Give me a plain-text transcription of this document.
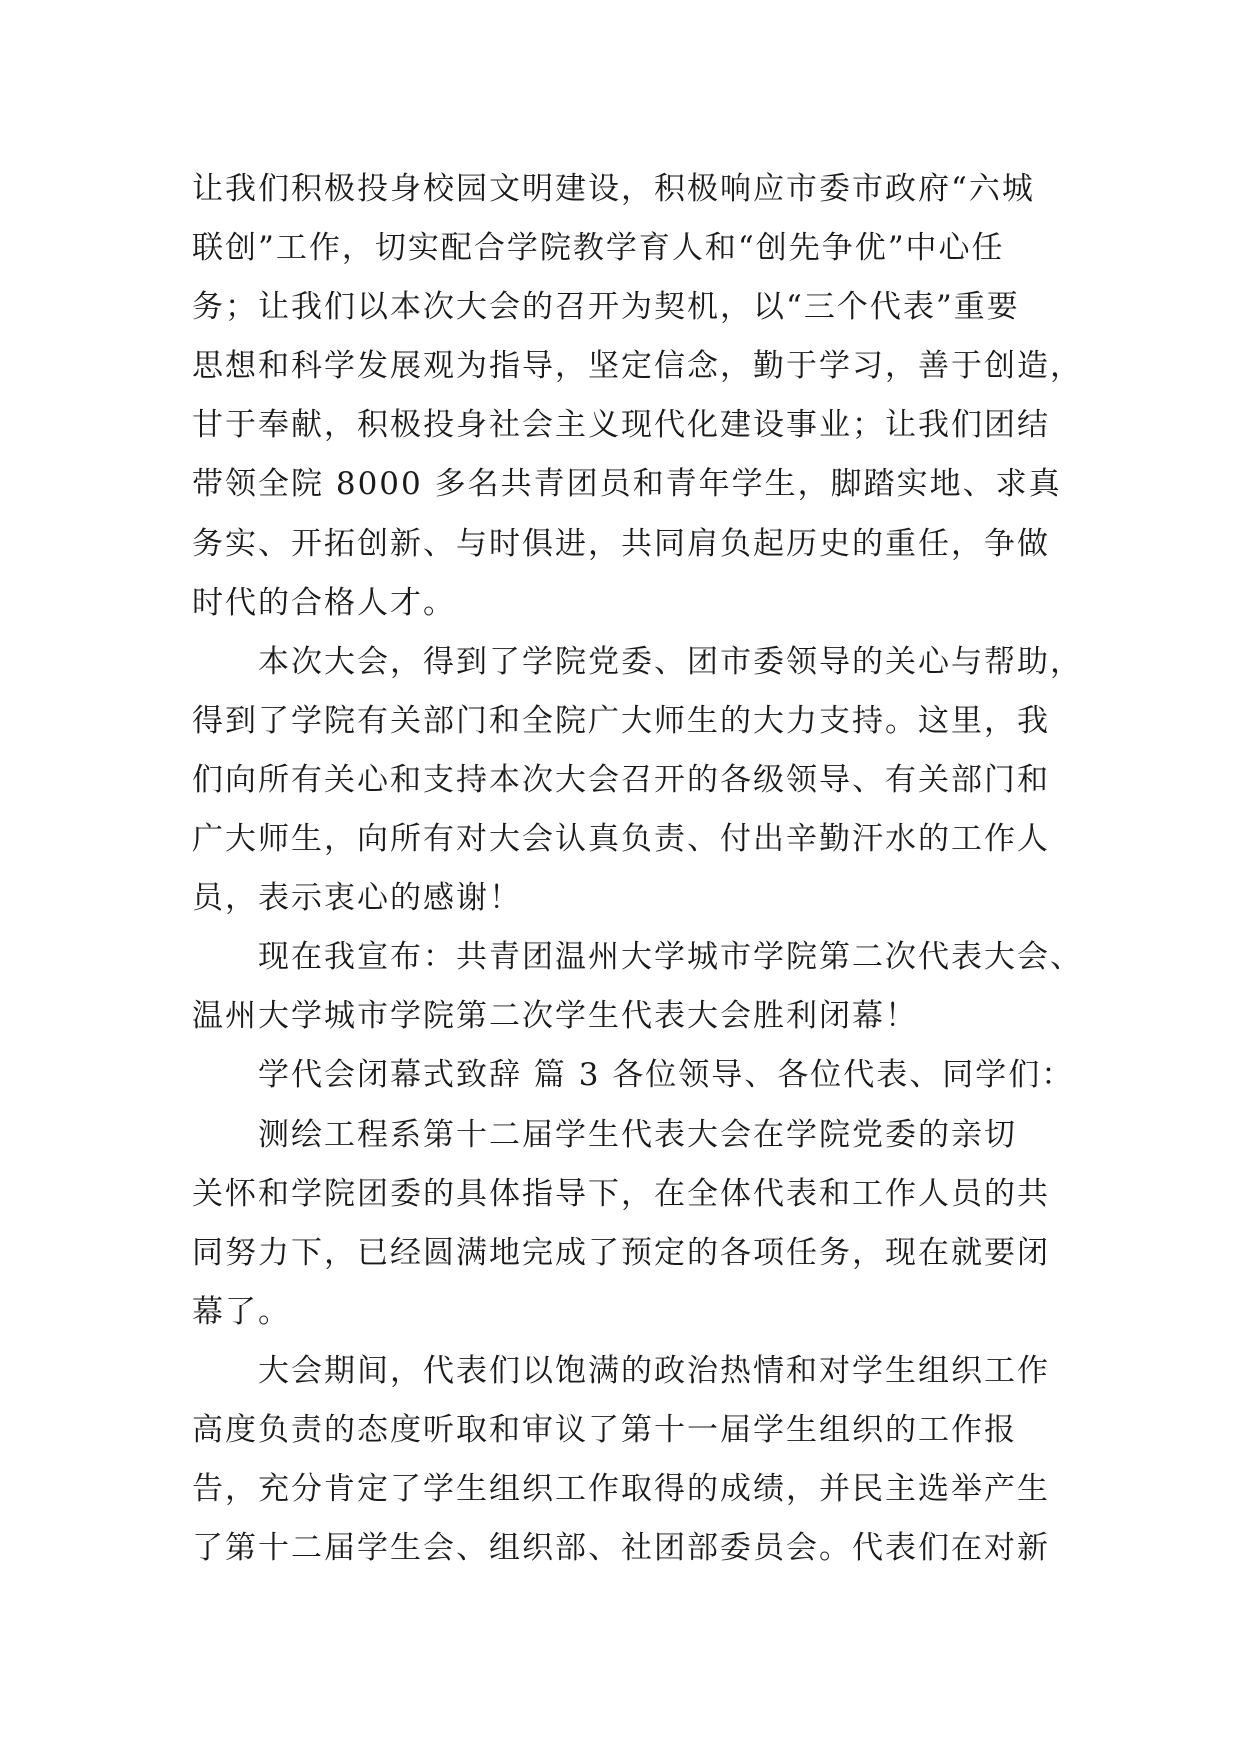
让我们积极投身校园文明建设，积极响应市委市政府“六城
联创”工作，切实配合学院教学育人和“创先争优”中心任
务；让我们以本次大会的召开为契机，以“三个代表”重要
思想和科学发展观为指导，坚定信念，勤于学习，善于创造，
甘于奉献，积极投身社会主义现代化建设事业；让我们团结
带领全院 8000 多名共青团员和青年学生，脚踏实地、求真
务实、开拓创新、与时俱进，共同肩负起历史的重任，争做
时代的合格人才。
本次大会，得到了学院党委、团市委领导的关心与帮助，
得到了学院有关部门和全院广大师生的大力支持。这里，我
们向所有关心和支持本次大会召开的各级领导、有关部门和
广大师生，向所有对大会认真负责、付出辛勤汗水的工作人
员，表示衷心的感谢！
现在我宣布：共青团温州大学城市学院第二次代表大会、
温州大学城市学院第二次学生代表大会胜利闭幕！
学代会闭幕式致辞 篇 3 各位领导、各位代表、同学们：
测绘工程系第十二届学生代表大会在学院党委的亲切
关怀和学院团委的具体指导下，在全体代表和工作人员的共
同努力下，已经圆满地完成了预定的各项任务，现在就要闭
幕了。
大会期间，代表们以饱满的政治热情和对学生组织工作
高度负责的态度听取和审议了第十一届学生组织的工作报
告，充分肯定了学生组织工作取得的成绩，并民主选举产生
了第十二届学生会、组织部、社团部委员会。代表们在对新
